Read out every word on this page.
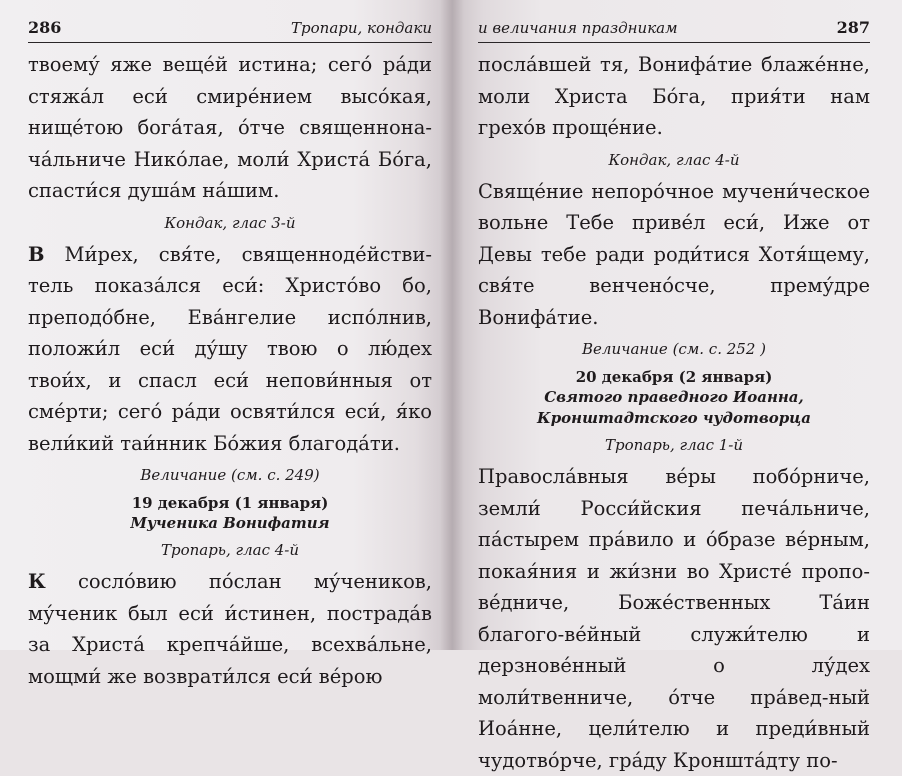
286	Тропари, кондаки

твоему́ яже веще́й истина; сего́ ра́ди стяжа́л еси́ смире́нием высо́кая, нище́тою бога́тая, о́тче священнона-ча́льниче Нико́лае, моли́ Христа́ Бо́га, спасти́ся душа́м на́шим.

Кондак, глас 3-й

В Ми́рех, свя́те, священноде́йстви-тель показа́лся еси́: Христо́во бо, преподо́бне, Ева́нгелие испо́лнив, положи́л еси́ ду́шу твою о лю́дех твои́х, и спасл еси́ непови́нныя от сме́рти; сего́ ра́ди освяти́лся еси́, я́ко вели́кий таи́нник Бо́жия благода́ти.

Величание (см. с. 249)
19 декабря (1 января)
Мученика Вонифатия
Тропарь, глас 4-й

К сосло́вию по́слан му́чеников, му́ченик был еси́ и́стинен, пострада́в за Христа́ крепча́йше, всехва́льне, мощми́ же возврати́лся еси́ ве́рою

и величания праздникам	287

посла́вшей тя, Вонифа́тие блаже́нне, моли Христа Бо́га, прия́ти нам грехо́в проще́ние.

Кондак, глас 4-й

Свяще́ние непоро́чное мучени́ческое вольне Тебе приве́л еси́, Иже от Девы тебе ради роди́тися Хотя́щему, свя́те венчено́сче, прему́дре Вонифа́тие.

Величание (см. с. 252 )
20 декабря (2 января)
Святого праведного Иоанна,
Кронштадтского чудотворца
Тропарь, глас 1-й

Правосла́вныя ве́ры побо́рниче, земли́ Росси́йския печа́льниче, па́стырем пра́вило и о́бразе ве́рным, покая́ния и жи́зни во Христе́ пропо-ве́дниче, Боже́ственных Та́ин благого-ве́йный служи́телю и дерзнове́нный о лу́дех моли́твенниче, о́тче пра́вед-ный Иоа́нне, цели́телю и преди́вный чудотво́рче, гра́ду Кроншта́дту по-
